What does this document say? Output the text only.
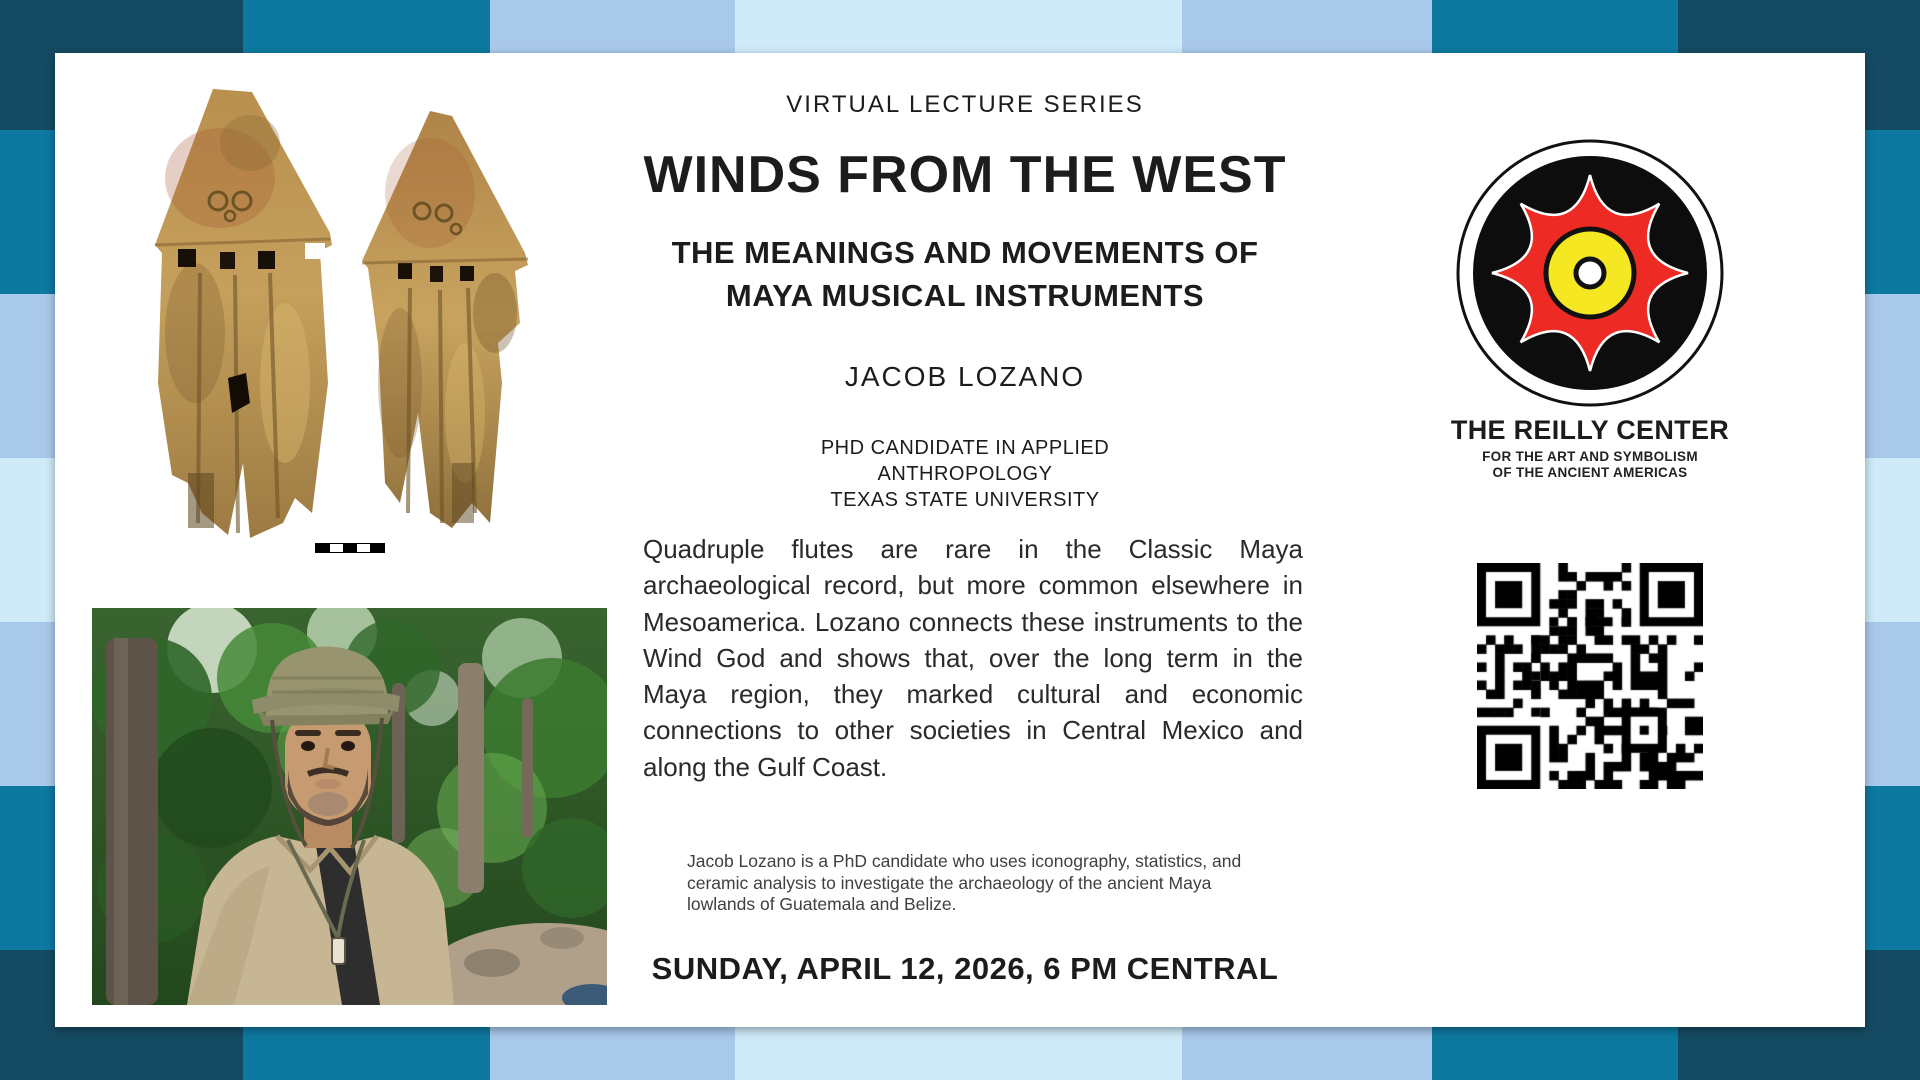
VIRTUAL LECTURE SERIES
WINDS FROM THE WEST
THE MEANINGS AND MOVEMENTS OF
MAYA MUSICAL INSTRUMENTS
JACOB LOZANO
PHD CANDIDATE IN APPLIED
ANTHROPOLOGY
TEXAS STATE UNIVERSITY
Quadruple flutes are rare in the Classic Maya archaeological record, but more common elsewhere in Mesoamerica. Lozano connects these instruments to the Wind God and shows that, over the long term in the Maya region, they marked cultural and economic connections to other societies in Central Mexico and along the Gulf Coast.
Jacob Lozano is a PhD candidate who uses iconography, statistics, and ceramic analysis to investigate the archaeology of the ancient Maya lowlands of Guatemala and Belize.
SUNDAY, APRIL 12, 2026, 6 PM CENTRAL
THE REILLY CENTER
FOR THE ART AND SYMBOLISM
OF THE ANCIENT AMERICAS
